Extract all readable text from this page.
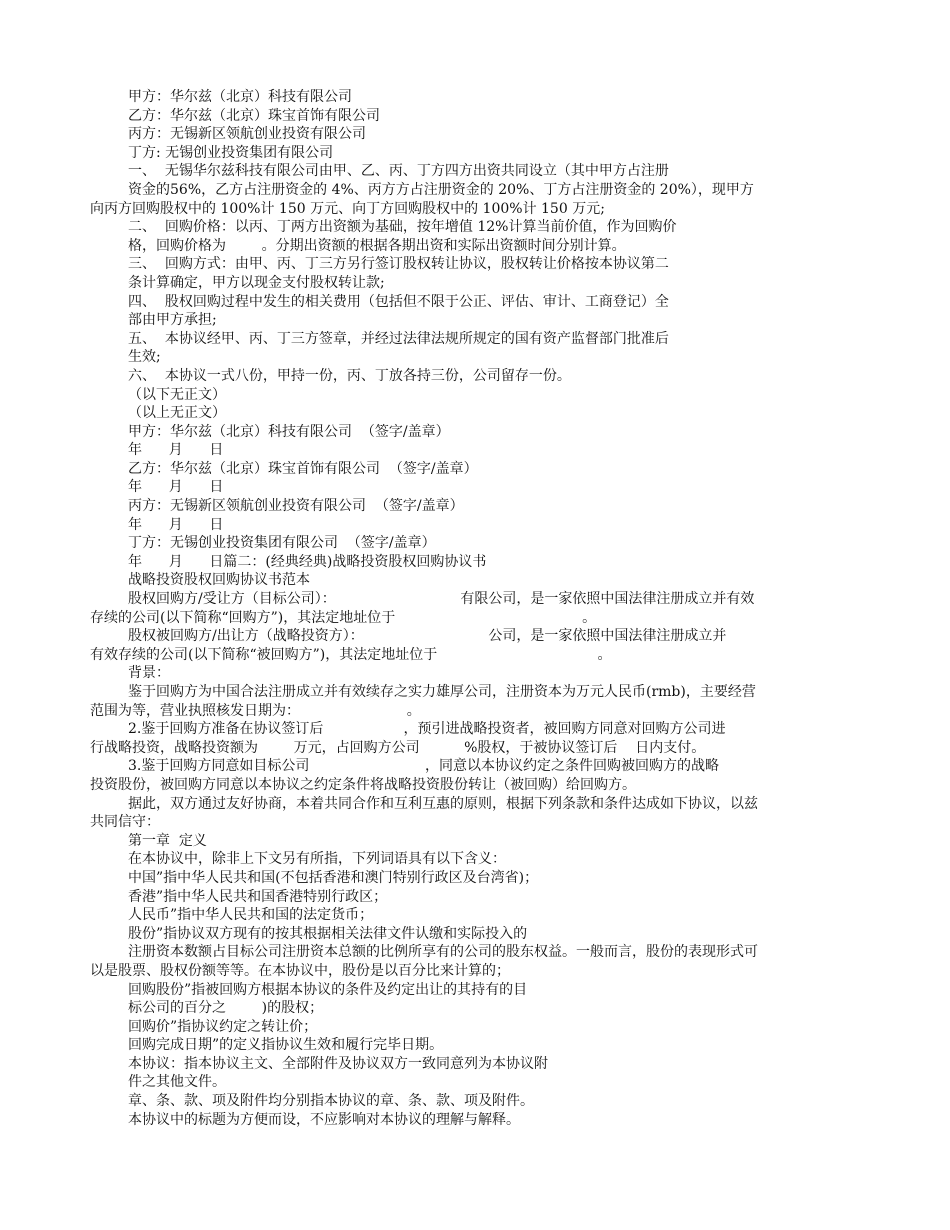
甲方：华尔兹（北京）科技有限公司
乙方：华尔兹（北京）珠宝首饰有限公司
丙方：无锡新区领航创业投资有限公司
丁方: 无锡创业投资集团有限公司
一、  无锡华尔兹科技有限公司由甲、乙、丙、丁方四方出资共同设立（其中甲方占注册
资金的56%，乙方占注册资金的 4%、丙方方占注册资金的 20%、丁方占注册资金的 20%），现甲方
向丙方回购股权中的 100%计 150 万元、向丁方回购股权中的 100%计 150 万元;
二、  回购价格：以丙、丁两方出资额为基础，按年增值 12%计算当前价值，作为回购价
格，回购价格为        。分期出资额的根据各期出资和实际出资额时间分别计算。
三、  回购方式：由甲、丙、丁三方另行签订股权转让协议，股权转让价格按本协议第二
条计算确定，甲方以现金支付股权转让款;
四、  股权回购过程中发生的相关费用（包括但不限于公正、评估、审计、工商登记）全
部由甲方承担;
五、  本协议经甲、丙、丁三方签章，并经过法律法规所规定的国有资产监督部门批准后
生效;
六、  本协议一式八份，甲持一份，丙、丁放各持三份，公司留存一份。
（以下无正文）
（以上无正文）
甲方：华尔兹（北京）科技有限公司  （签字/盖章）
年      月      日
乙方：华尔兹（北京）珠宝首饰有限公司  （签字/盖章）
年      月      日
丙方：无锡新区领航创业投资有限公司  （签字/盖章）
年      月      日
丁方：无锡创业投资集团有限公司  （签字/盖章）
年      月      日篇二：(经典经典)战略投资股权回购协议书
战略投资股权回购协议书范本
股权回购方/受让方（目标公司）：                            有限公司，是一家依照中国法律注册成立并有效
存续的公司(以下简称“回购方”)，其法定地址位于                                          。
股权被回购方/出让方（战略投资方）：                            公司，是一家依照中国法律注册成立并
有效存续的公司(以下简称“被回购方”)，其法定地址位于                                    。
背景：
鉴于回购方为中国合法注册成立并有效续存之实力雄厚公司，注册资本为万元人民币(rmb)，主要经营
范围为等，营业执照核发日期为：                        。
2.鉴于回购方准备在协议签订后                  ，预引进战略投资者，被回购方同意对回购方公司进
行战略投资，战略投资额为        万元，占回购方公司          %股权，于被协议签订后    日内支付。
3.鉴于回购方同意如目标公司                          ，同意以本协议约定之条件回购被回购方的战略
投资股份，被回购方同意以本协议之约定条件将战略投资股份转让（被回购）给回购方。
据此，双方通过友好协商，本着共同合作和互利互惠的原则，根据下列条款和条件达成如下协议，以兹
共同信守：
第一章  定义
在本协议中，除非上下文另有所指，下列词语具有以下含义：
中国”指中华人民共和国(不包括香港和澳门特别行政区及台湾省)；
香港”指中华人民共和国香港特别行政区；
人民币”指中华人民共和国的法定货币；
股份”指协议双方现有的按其根据相关法律文件认缴和实际投入的
注册资本数额占目标公司注册资本总额的比例所享有的公司的股东权益。一般而言，股份的表现形式可
以是股票、股权份额等等。在本协议中，股份是以百分比来计算的；
回购股份”指被回购方根据本协议的条件及约定出让的其持有的目
标公司的百分之        )的股权；
回购价”指协议约定之转让价；
回购完成日期”的定义指协议生效和履行完毕日期。
本协议：指本协议主文、全部附件及协议双方一致同意列为本协议附
件之其他文件。
章、条、款、项及附件均分别指本协议的章、条、款、项及附件。
本协议中的标题为方便而设，不应影响对本协议的理解与解释。
